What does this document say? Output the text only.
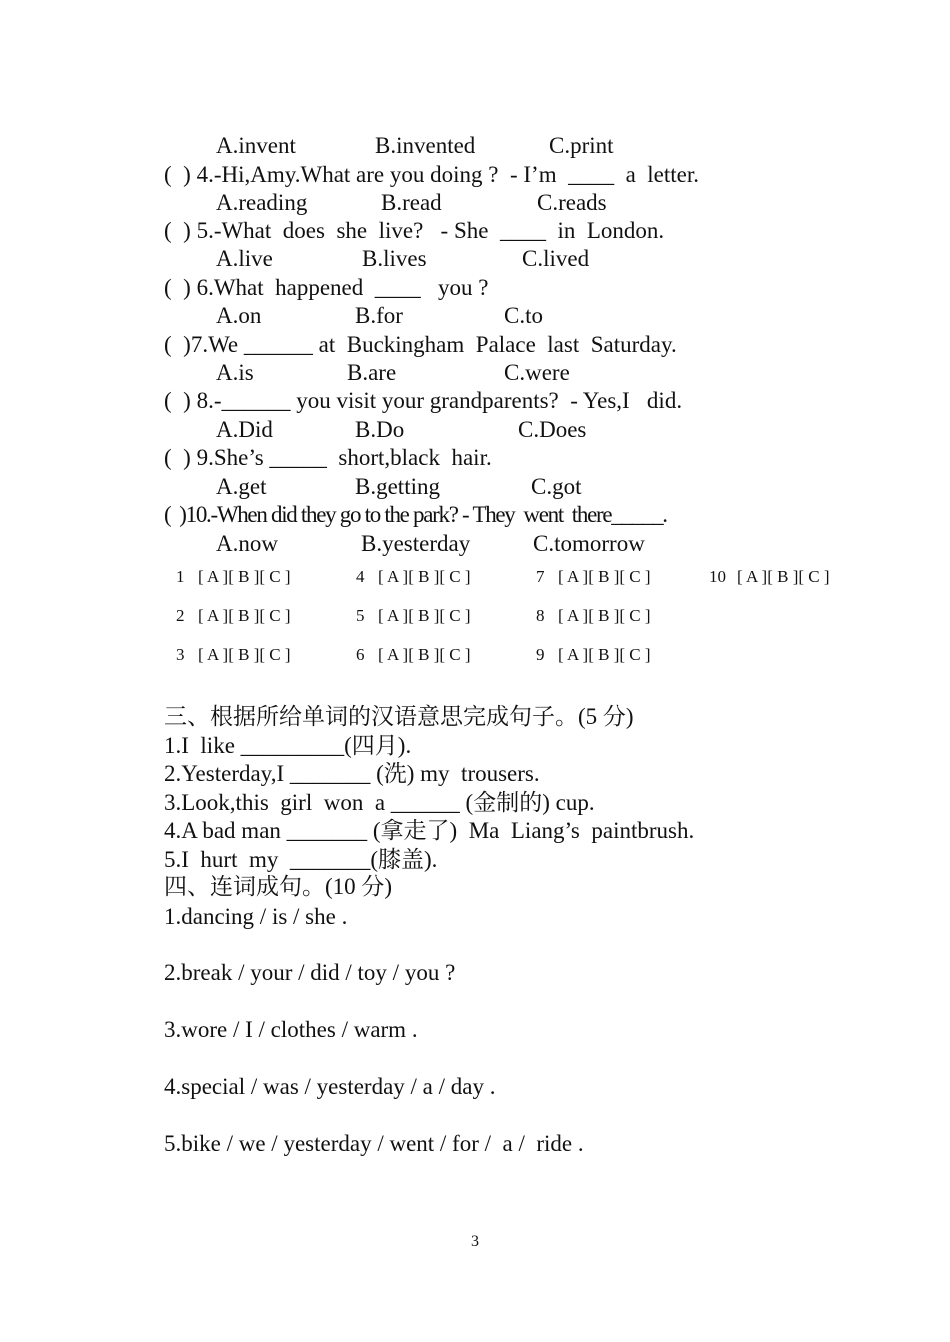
A.invent	B.invented	C.print
(  ) 4.-Hi,Amy.What are you doing ?  - I’m  ____  a  letter.
A.reading	B.read	C.reads
(  ) 5.-What  does  she  live?   - She  ____  in  London.
A.live	B.lives	C.lived
(  ) 6.What  happened  ____   you ?
A.on	B.for	C.to
(  )7.We ______ at  Buckingham  Palace  last  Saturday.
A.is	B.are	C.were
(  ) 8.-______ you visit your grandparents?  - Yes,I   did.
A.Did	B.Do	C.Does
(  ) 9.She’s _____  short,black  hair.
A.get	B.getting	C.got
(  )10.-When did they go to the park? - They  went  there_____.
A.now	B.yesterday	C.tomorrow
1 [ A ][ B ][ C ]	4 [ A ][ B ][ C ]	7 [ A ][ B ][ C ]	10 [ A ][ B ][ C ]
2 [ A ][ B ][ C ]	5 [ A ][ B ][ C ]	8 [ A ][ B ][ C ]
3 [ A ][ B ][ C ]	6 [ A ][ B ][ C ]	9 [ A ][ B ][ C ]
三、根据所给单词的汉语意思完成句子。(5 分)
1.I  like _________(四月).
2.Yesterday,I _______ (洗) my  trousers.
3.Look,this  girl  won  a ______ (金制的) cup.
4.A bad man _______ (拿走了)  Ma  Liang’s  paintbrush.
5.I  hurt  my  _______(膝盖).
四、连词成句。(10 分)
1.dancing / is / she .
2.break / your / did / toy / you ?
3.wore / I / clothes / warm .
4.special / was / yesterday / a / day .
5.bike / we / yesterday / went / for /  a /  ride .
3
